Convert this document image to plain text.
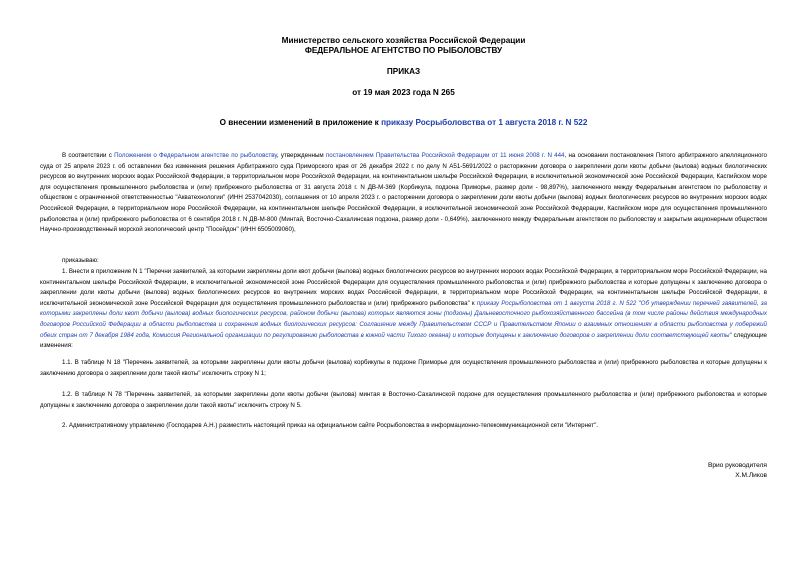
Министерство сельского хозяйства Российской Федерации
ФЕДЕРАЛЬНОЕ АГЕНТСТВО ПО РЫБОЛОВСТВУ
ПРИКАЗ
от 19 мая 2023 года N 265
О внесении изменений в приложение к приказу Росрыболовства от 1 августа 2018 г. N 522
В соответствии с Положением о Федеральном агентстве по рыболовству, утвержденным постановлением Правительства Российской Федерации от 11 июня 2008 г. N 444, на основании постановления Пятого арбитражного апелляционного суда от 25 апреля 2023 г. об оставлении без изменения решения Арбитражного суда Приморского края от 26 декабря 2022 г. по делу N А51-5691/2022 о расторжении договора о закреплении доли квоты добычи (вылова) водных биологических ресурсов во внутренних морских водах Российской Федерации, в территориальном море Российской Федерации, на континентальном шельфе Российской Федерации, в исключительной экономической зоне Российской Федерации, Каспийском море для осуществления промышленного рыболовства и (или) прибрежного рыболовства от 31 августа 2018 г. N ДВ-М-369 (Корбикула, подзона Приморье, размер доли - 98,897%), заключенного между Федеральным агентством по рыболовству и обществом с ограниченной ответственностью "Акватехнологии" (ИНН 2537042030), соглашения от 10 апреля 2023 г. о расторжении договора о закреплении доли квоты добычи (вылова) водных биологических ресурсов во внутренних морских водах Российской Федерации, в территориальном море Российской Федерации, на континентальном шельфе Российской Федерации, в исключительной экономической зоне Российской Федерации, Каспийском море для осуществления промышленного рыболовства и (или) прибрежного рыболовства от 6 сентября 2018 г. N ДВ-М-800 (Минтай, Восточно-Сахалинская подзона, размер доли - 0,649%), заключенного между Федеральным агентством по рыболовству и закрытым акционерным обществом Научно-производственный морской экологический центр "Посейдон" (ИНН 6505009060),
приказываю:
1. Внести в приложение N 1 "Перечни заявителей, за которыми закреплены доли квот добычи (вылова) водных биологических ресурсов во внутренних морских водах Российской Федерации, в территориальном море Российской Федерации, на континентальном шельфе Российской Федерации, в исключительной экономической зоне Российской Федерации для осуществления промышленного рыболовства и (или) прибрежного рыболовства и которые допущены к заключению договора о закреплении доли квоты добычи (вылова) водных биологических ресурсов во внутренних морских водах Российской Федерации, в территориальном море Российской Федерации, на континентальном шельфе Российской Федерации, в исключительной экономической зоне Российской Федерации для осуществления промышленного рыболовства и (или) прибрежного рыболовства" к приказу Росрыболовства от 1 августа 2018 г. N 522 "Об утверждении перечней заявителей, за которыми закреплены доли квот добычи (вылова) водных биологических ресурсов, районом добычи (вылова) которых являются зоны (подзоны) Дальневосточного рыбохозяйственного бассейна (в том числе районы действия международных договоров Российской Федерации в области рыболовства и сохранения водных биологических ресурсов: Соглашение между Правительством СССР и Правительством Японии о взаимных отношениях в области рыболовства у побережий обеих стран от 7 декабря 1984 года, Комиссия Региональной организации по регулированию рыболовства в южной части Тихого океана) и которые допущены к заключению договоров о закреплении доли соответствующей квоты" следующие изменения:
1.1. В таблице N 18 "Перечень заявителей, за которыми закреплены доли квоты добычи (вылова) корбикулы в подзоне Приморье для осуществления промышленного рыболовства и (или) прибрежного рыболовства и которые допущены к заключению договора о закреплении доли такой квоты" исключить строку N 1;
1.2. В таблице N 78 "Перечень заявителей, за которыми закреплены доли квоты добычи (вылова) минтая в Восточно-Сахалинской подзоне для осуществления промышленного рыболовства и (или) прибрежного рыболовства и которые допущены к заключению договора о закреплении доли такой квоты" исключить строку N 5.
2. Административному управлению (Господарев А.Н.) разместить настоящий приказ на официальном сайте Росрыболовства в информационно-телекоммуникационной сети "Интернет".
Врио руководителя
Х.М.Ликов
